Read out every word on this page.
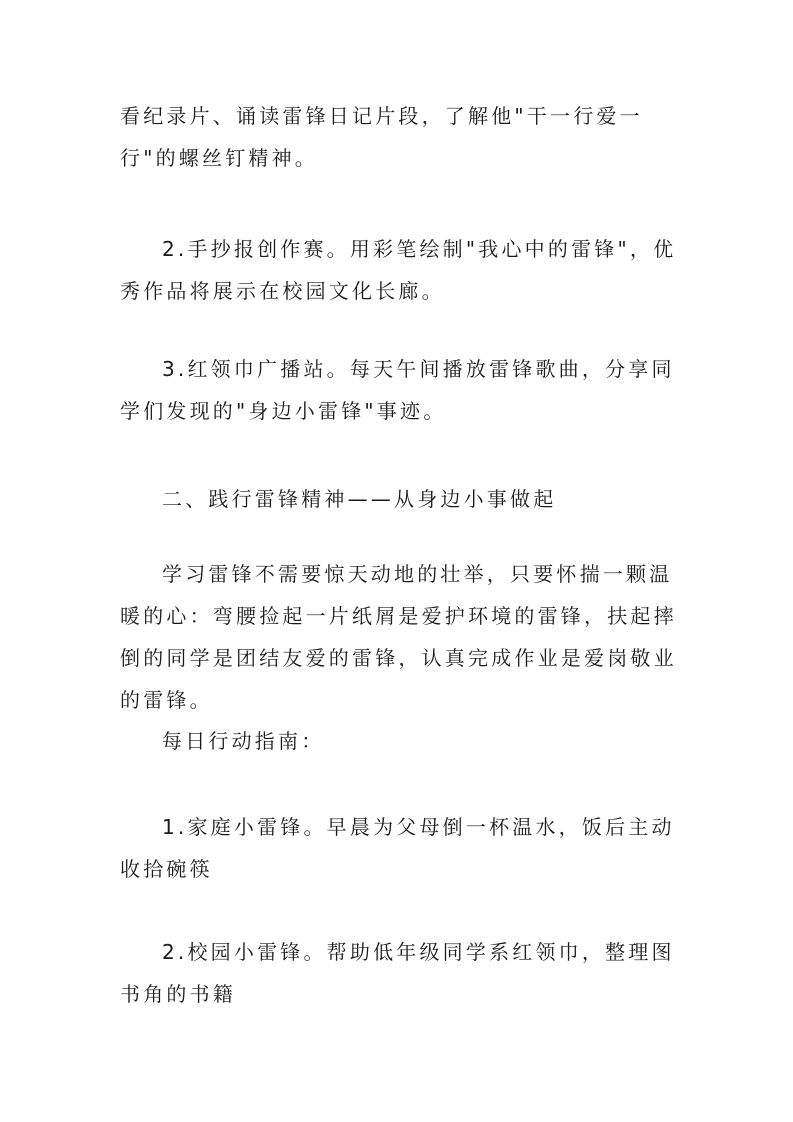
看纪录片、诵读雷锋日记片段，了解他"干一行爱一行"的螺丝钉精神。

2.手抄报创作赛。用彩笔绘制"我心中的雷锋"，优秀作品将展示在校园文化长廊。

3.红领巾广播站。每天午间播放雷锋歌曲，分享同学们发现的"身边小雷锋"事迹。

二、践行雷锋精神——从身边小事做起

学习雷锋不需要惊天动地的壮举，只要怀揣一颗温暖的心：弯腰捡起一片纸屑是爱护环境的雷锋，扶起摔倒的同学是团结友爱的雷锋，认真完成作业是爱岗敬业的雷锋。

每日行动指南：

1.家庭小雷锋。早晨为父母倒一杯温水，饭后主动收拾碗筷

2.校园小雷锋。帮助低年级同学系红领巾，整理图书角的书籍
